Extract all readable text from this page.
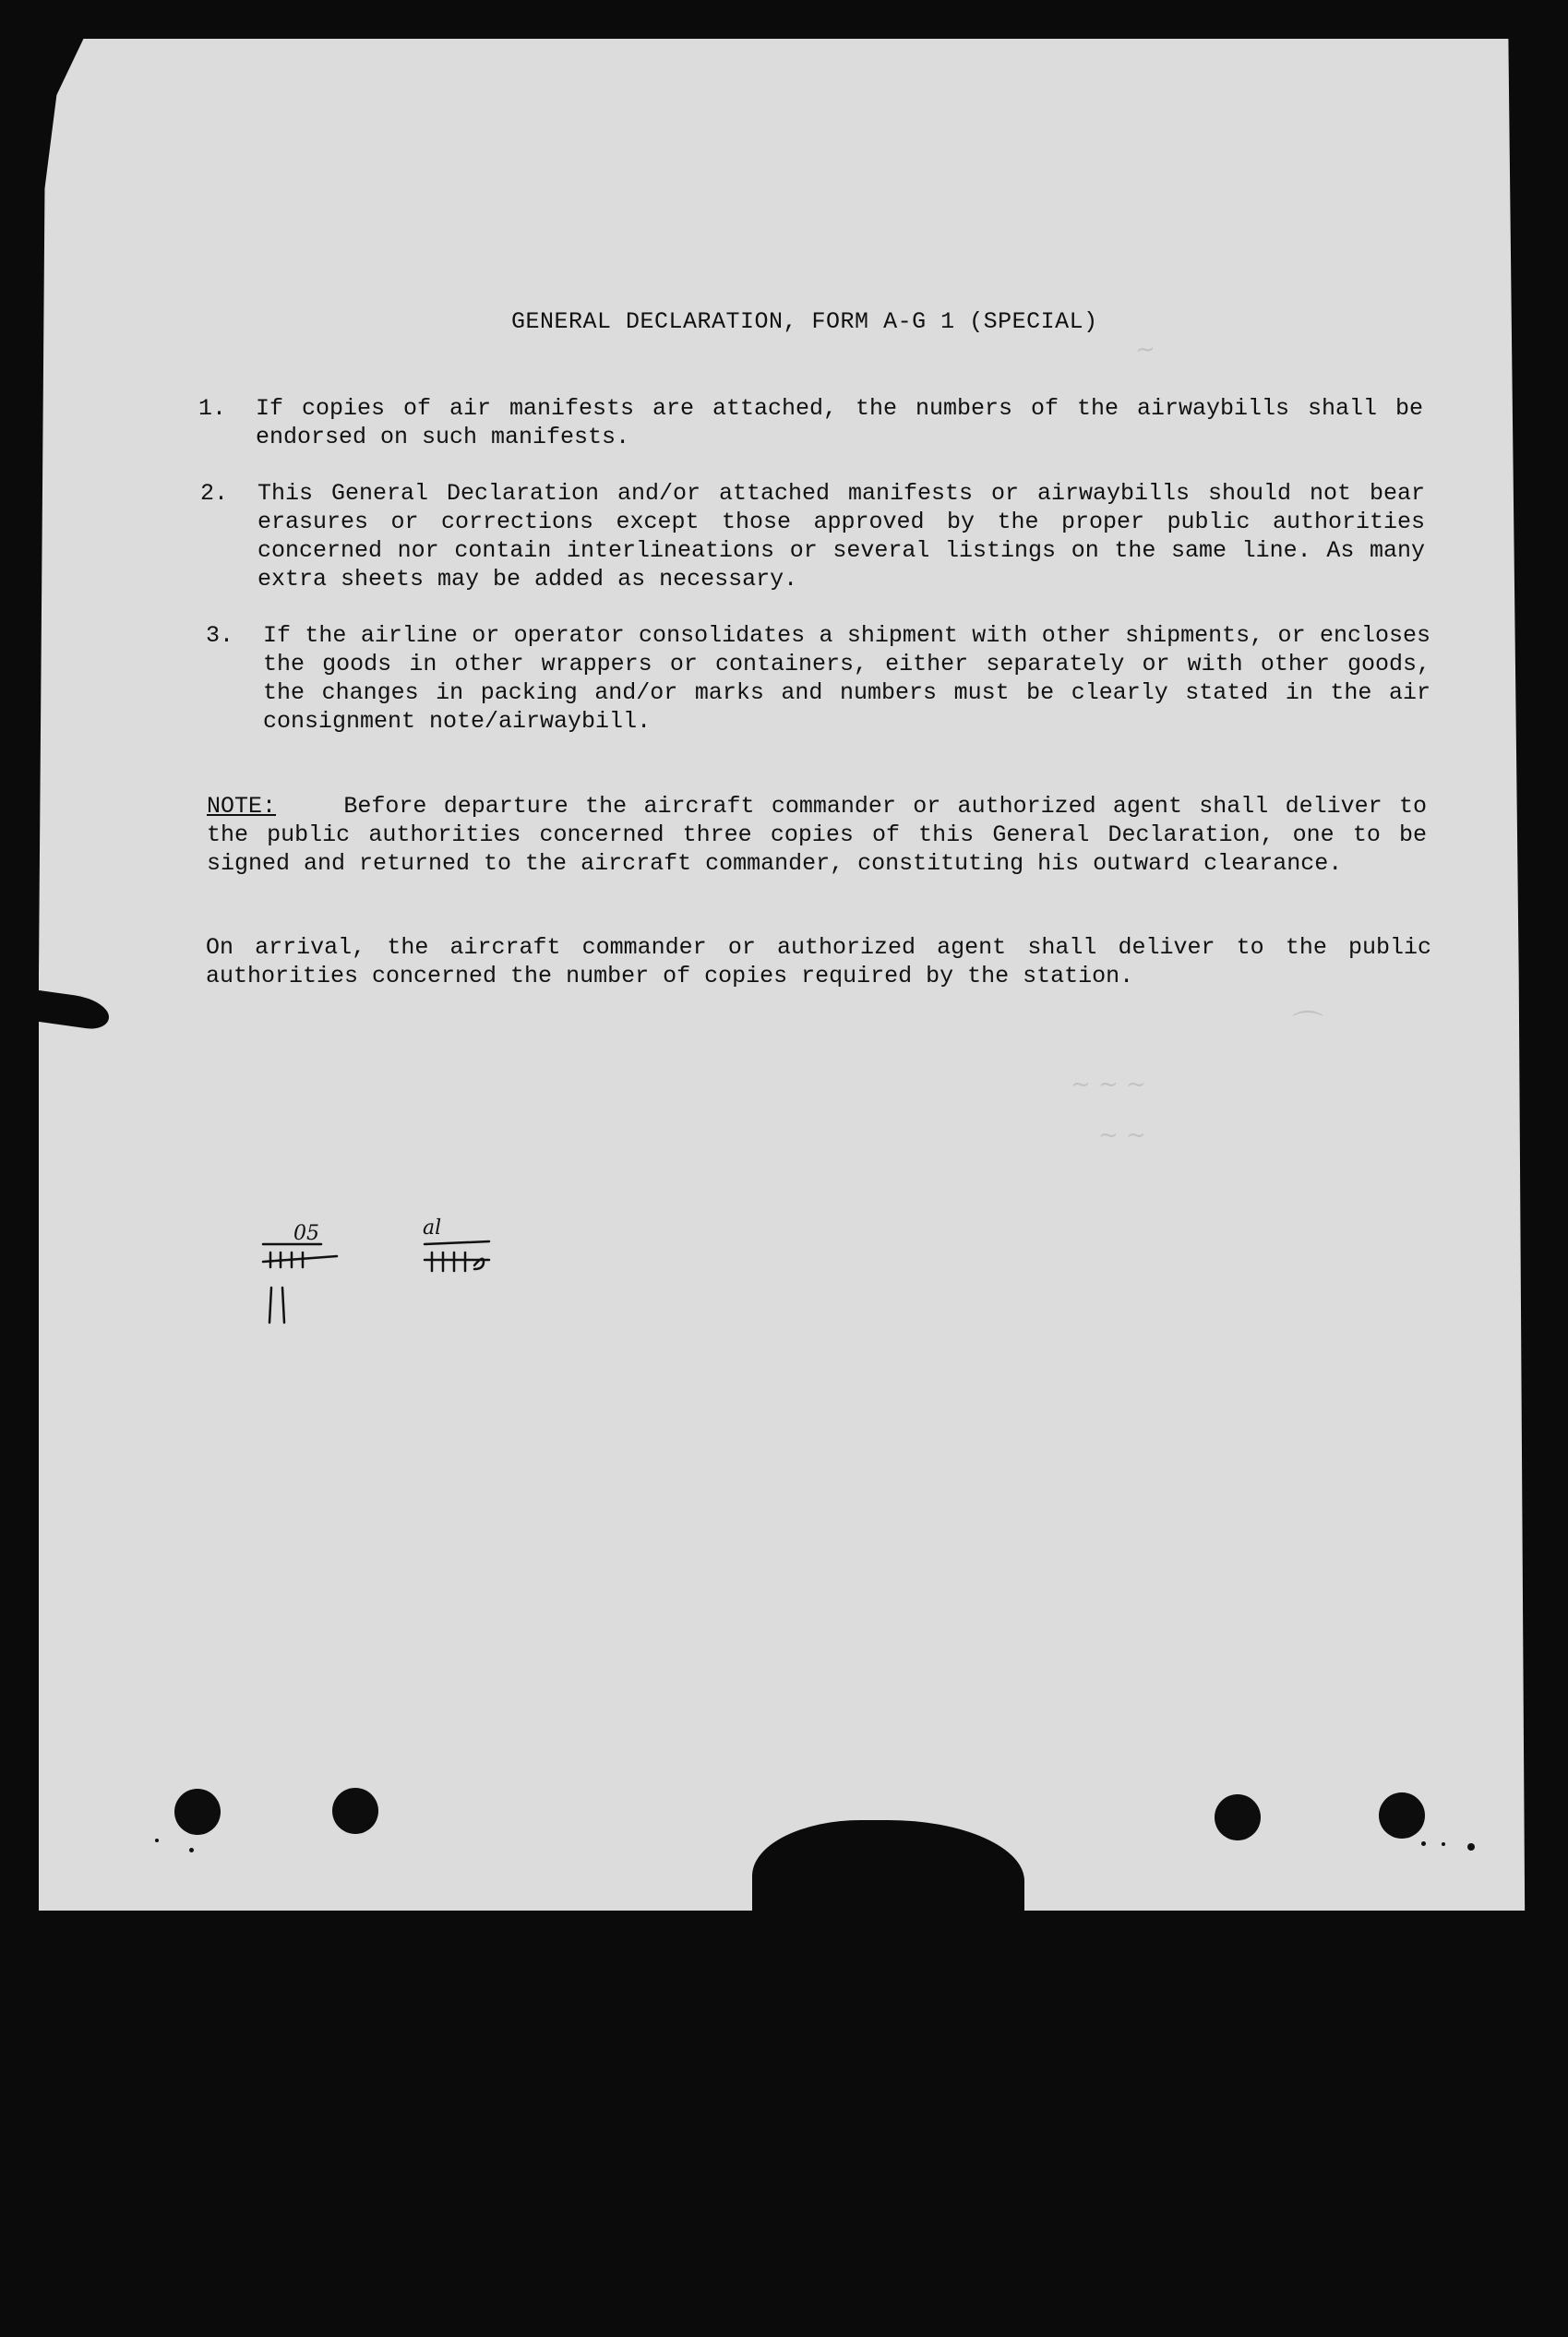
~
⌒
~ ~ ~
~ ~
GENERAL DECLARATION, FORM A-G 1 (SPECIAL)
1. If copies of air manifests are attached, the numbers of the airwaybills shall be endorsed on such manifests.
2. This General Declaration and/or attached manifests or airwaybills should not bear erasures or corrections except those approved by the proper public authorities concerned nor contain interlineations or several listings on the same line. As many extra sheets may be added as necessary.
3. If the airline or operator consolidates a shipment with other shipments, or encloses the goods in other wrappers or containers, either separately or with other goods, the changes in packing and/or marks and numbers must be clearly stated in the air consignment note/airwaybill.

NOTE:	Before departure the aircraft commander or authorized agent shall deliver to the public authorities concerned three copies of this General Declaration, one to be signed and returned to the aircraft commander, constituting his outward clearance.

On arrival, the aircraft commander or authorized agent shall deliver to the public authorities concerned the number of copies required by the station.

05	al
